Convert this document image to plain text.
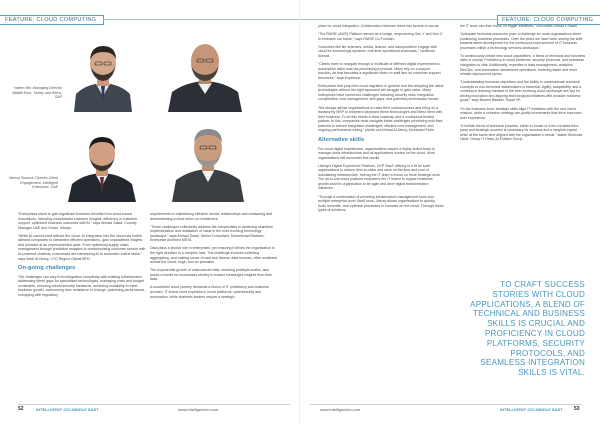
FEATURE: CLOUD COMPUTING
Hatem Bel, Managing Director Middle East, Turkey and Africa, SAP
Neeraj Sharma, Director Client Engagement, Intelligent Enterprise, UAE

“Enterprises stand to gain significant business benefits from cloud-based innovations, including consolidated customer insights, efficiency in customer support, optimised business outcomes with AI,” says Ahmad Saadi, Country Manager UAE and Oman, Infosys.

“While AI cannot exist without the cloud, AI integration into the cloud has further allowed companies to streamline efficient operations, gain unparalleled insights, and innovate at an unprecedented pace. From optimising supply chain management through predictive analytics to revolutionising customer service with AI-powered chatbots, businesses are harnessing AI to automate routine tasks,” says Wael Al-Nemy, CTO Region Global BPO.

On-going challenges

The challenges can vary from integration complexity with existing infrastructure, addressing talent gaps for specialised technologies, managing costs and budget constraints, ensuring robust security measures, achieving scalability to meet business growth, overcoming user resistance to change, optimising performance, complying with regulatory

requirements to maintaining effective vendor relationships and measuring and demonstrating a clear return on investment.

“These challenges collectively address the complexities in achieving seamless implementation and realisation of value in the ever-evolving technology landscape,” says Ahmad Saadi, Senior Consultant, Muhammad Radwan, Enterprise Architect META.

Data plays a pivotal role in enterprises, yet ensuring it drives the organisation in the right direction is a complex task. The challenge involves collecting, aggregating, and making sense of vast and diverse data sources, often scattered across the cloud, edge, and on-premises.

The exponential growth of unstructured data, reaching petabyte scales, also poses a hurdle for businesses striving to extract meaningful insights from their data.

A successful cloud journey demands a fusion of IT proficiency and business acumen. IT teams need expertise in cloud platforms, cybersecurity and automation, while business leaders require a strategic

52	INTELLIGENT CIO MIDDLE EAST	www.intelligentcio.com
FEATURE: CLOUD COMPUTING

place for cloud integration. Collaboration between these two factors is crucial.

“The RAISE (AWS) Platform serves as a bridge, empowering Gen Y and Gen Z to embrace our future,” says RAISE Co-Founder.

“Industries like life sciences, media, finance, and transportation engage with cloud for increasingly dynamic, real-time operational workloads,” continues Ahmad.

“Clients have to navigate through a multitude of different digital experiences to accomplish tasks such as purchasing a product. Many rely on a support function, as that becomes a significant strain on staff and on customer support resources,” says Kopleeva.

Enterprises that jump into cloud migration in general and into adopting the latest technologies without the right approach will struggle to gain value. Many enterprises have numerous challenges including security risks, integration complexities, cost management, skill gaps, and potential performance issues.

“We always advise organisations to raise their consciousness and bring on a trustworthy MSP to shepherd deployed these technologies and blend them with their business. To do this needs a clear roadmap and a continuous trusted partner. In this, companies must navigate these challenges prioritising with their partners to ensure integration challenges, efficient cost management, and ongoing performance tuning,” points out Ahmad Al-Nemy, Mohamed Faris.

Alternative skills

For cloud digital experiences, organisations require a highly skilled team to manage cloud infrastructure and all applications hosted on the cloud. Most organisations still encounter this hurdle.

Liferay's Digital Experience Platform, DXP SaaS offering is a fit for such organisations to reduce time-to-value and save on the time and cost of maintaining infrastructure, freeing the IT team to focus on more strategic work. The all-in-one cloud platform empowers the IT teams to support business growth and the organisation to be agile and drive digital transformation initiatives.

“Through a combination of providing infrastructure management tools and multiple enterprise-level SaaS tools, Liferay allows organisations to quickly build, innovate, and optimise processes to innovate on the cloud. Through these types of solutions,

the IT team can then focus on bigger initiatives,” concludes Liferay's Saadi.

“Adequate technical resources pose a challenge for most organisations when positioning business processes. Over the years we have been seeing the shift towards talent development for the continuous improvement of IT business processes within a technology services landscape.”

To continuously create new cloud capabilities, a blend of technical and business skills is crucial. Proficiency in cloud platforms, security protocols, and seamless integration is vital. Additionally, expertise in data management, analytics, DevOps, and automation streamlines operations, fostering faster and more reliable deployment cycles.

“Understanding business objectives and the ability to communicate technical concepts to non-technical stakeholders is essential. Agility, adaptability, and a continuous learning mindset in the ever-evolving cloud landscape are key for driving innovation and aligning technological initiatives with broader business goals,” says Basem Badawi, Saudi VP.

On the business front, strategic skills align IT initiatives with the end user's mission, while a cohesive strategy can justify investments that drive improved user experience.

“A holistic blend of technical prowess, either in-house or from a trusted third-party and strategic acumen is necessary for success and a tangible impact while at the same time aligned with the organisation's needs,” states Shehzad Hanif, Group IT Head, Al-Futtaim Group.

www.intelligentcio.com	INTELLIGENT CIO MIDDLE EAST 53
TO CRAFT SUCCESS STORIES WITH CLOUD APPLICATIONS, A BLEND OF TECHNICAL AND BUSINESS SKILLS IS CRUCIAL AND PROFICIENCY IN CLOUD PLATFORMS, SECURITY PROTOCOLS, AND SEAMLESS INTEGRATION SKILLS IS VITAL.
